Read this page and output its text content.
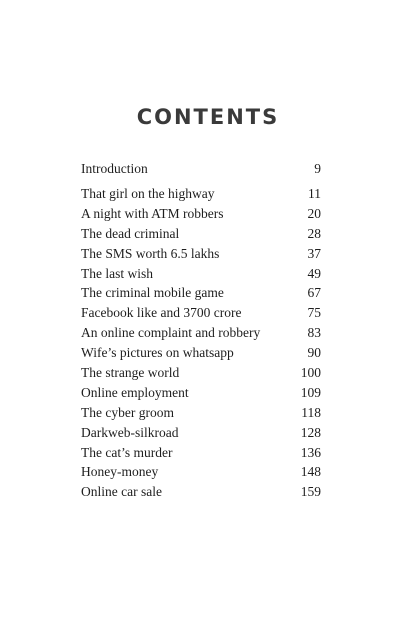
CONTENTS
Introduction	9
That girl on the highway	11
A night with ATM robbers	20
The dead criminal	28
The SMS worth 6.5 lakhs	37
The last wish	49
The criminal mobile game	67
Facebook like and 3700 crore	75
An online complaint and robbery	83
Wife’s pictures on whatsapp	90
The strange world	100
Online employment	109
The cyber groom	118
Darkweb-silkroad	128
The cat’s murder	136
Honey-money	148
Online car sale	159
